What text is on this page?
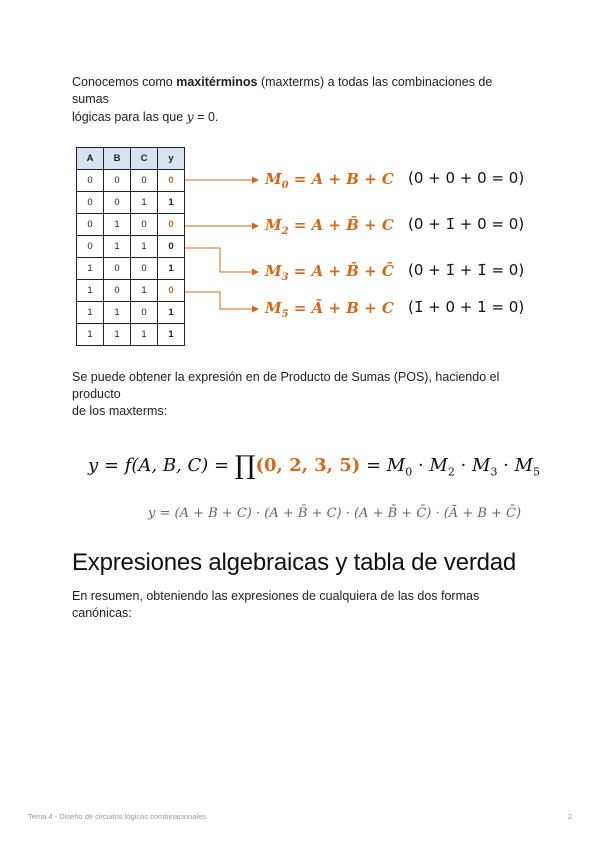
Conocemos como maxitérminos (maxterms) a todas las combinaciones de sumas
lógicas para las que y = 0.
A	B	C	y
0	0	0	0
0	0	1	1
0	1	0	0
0	1	1	0
1	0	0	1
1	0	1	0
1	1	0	1
1	1	1	1
$M_0 = A + B + C$ (0 + 0 + 0 = 0)
$M_2 = A$ + B̄ + C (0 + 1̄ + 0 = 0)
$M_3 = A$ + B̄ + C̄ (0 + 1̄ + 1̄ = 0)
$M_5$ = Ā + B + C (1̄ + 0 + 1 = 0)
Se puede obtener la expresión en de Producto de Sumas (POS), haciendo el producto
de los maxterms:
y = f(A, B, C) = ∏(0, 2, 3, $5) = M_0 \cdot M_2 \cdot M_3 \cdot M_5$
y = (A + B + C) · (A + B̄ + C) · (A + B̄ + C̄) · (Ā + B + C̄)
Expresiones algebraicas y tabla de verdad
En resumen, obteniendo las expresiones de cualquiera de las dos formas
canónicas:
Tema 4 - Diseño de circuitos lógicos combinacionales	2
